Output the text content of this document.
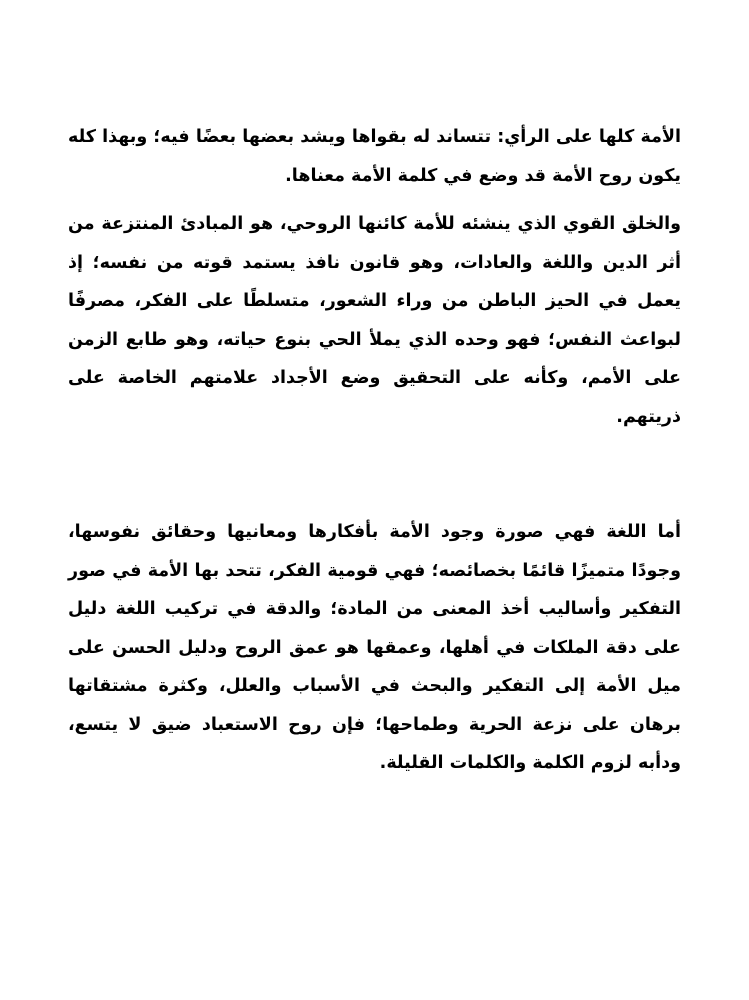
الأمة كلها على الرأي: تتساند له بقواها ويشد بعضها بعضًا فيه؛ وبهذا كله يكون روح الأمة قد وضع في كلمة الأمة معناها.

والخلق القوي الذي ينشئه للأمة كائنها الروحي، هو المبادئ المنتزعة من أثر الدين واللغة والعادات، وهو قانون نافذ يستمد قوته من نفسه؛ إذ يعمل في الحيز الباطن من وراء الشعور، متسلطًا على الفكر، مصرفًا لبواعث النفس؛ فهو وحده الذي يملأ الحي بنوع حياته، وهو طابع الزمن على الأمم، وكأنه على التحقيق وضع الأجداد علامتهم الخاصة على ذريتهم.

أما اللغة فهي صورة وجود الأمة بأفكارها ومعانيها وحقائق نفوسها، وجودًا متميزًا قائمًا بخصائصه؛ فهي قومية الفكر، تتحد بها الأمة في صور التفكير وأساليب أخذ المعنى من المادة؛ والدقة في تركيب اللغة دليل على دقة الملكات في أهلها، وعمقها هو عمق الروح ودليل الحسن على ميل الأمة إلى التفكير والبحث في الأسباب والعلل، وكثرة مشتقاتها برهان على نزعة الحرية وطماحها؛ فإن روح الاستعباد ضيق لا يتسع، ودأبه لزوم الكلمة والكلمات القليلة.
